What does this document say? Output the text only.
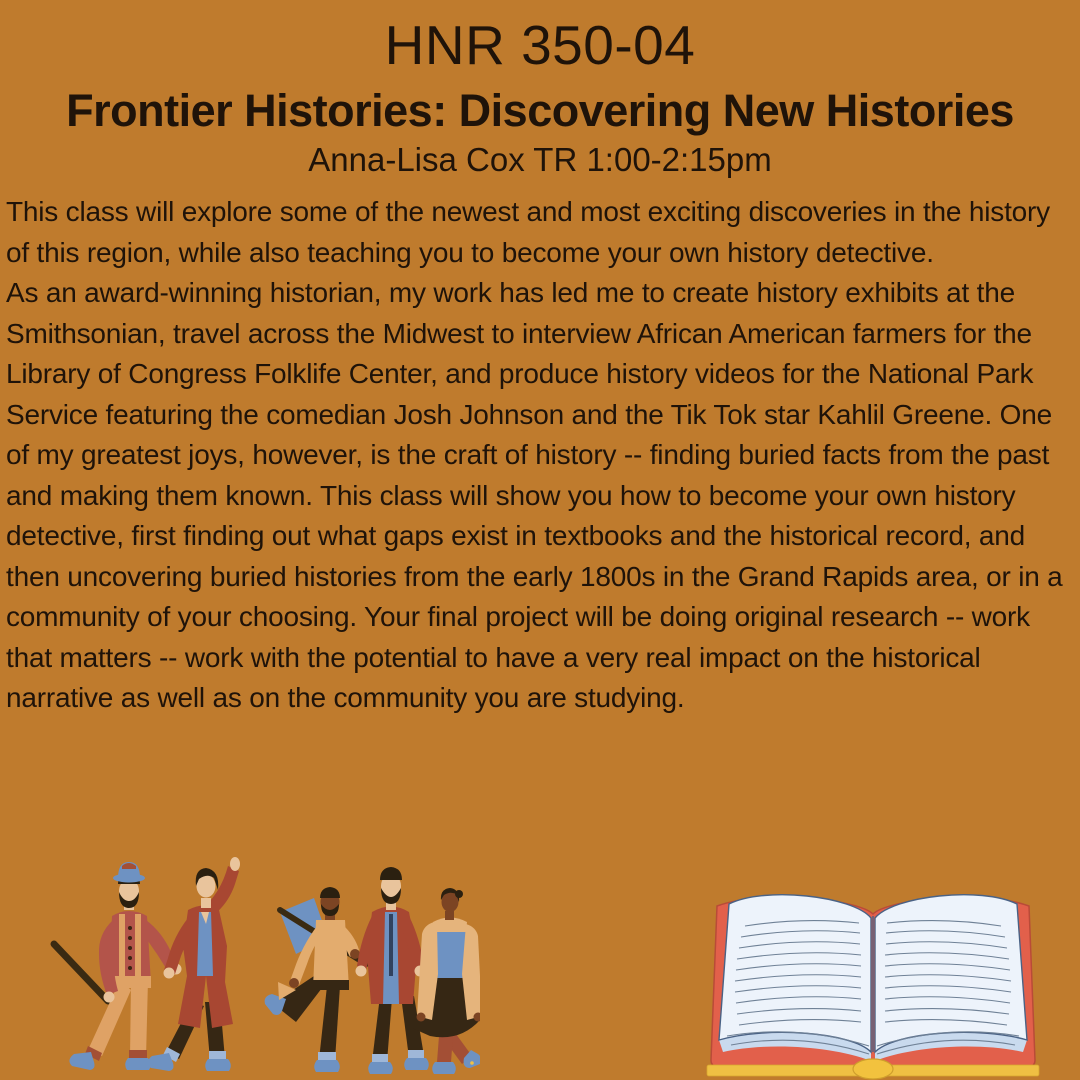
HNR 350-04
Frontier Histories: Discovering New Histories
Anna-Lisa Cox TR 1:00-2:15pm

This class will explore some of the newest and most exciting discoveries in the history of this region, while also teaching you to become your own history detective.

As an award-winning historian, my work has led me to create history exhibits at the Smithsonian, travel across the Midwest to interview African American farmers for the Library of Congress Folklife Center, and produce history videos for the National Park Service featuring the comedian Josh Johnson and the Tik Tok star Kahlil Greene. One of my greatest joys, however, is the craft of history -- finding buried facts from the past and making them known. This class will show you how to become your own history detective, first finding out what gaps exist in textbooks and the historical record, and then uncovering buried histories from the early 1800s in the Grand Rapids area, or in a community of your choosing. Your final project will be doing original research -- work that matters -- work with the potential to have a very real impact on the historical narrative as well as on the community you are studying.
